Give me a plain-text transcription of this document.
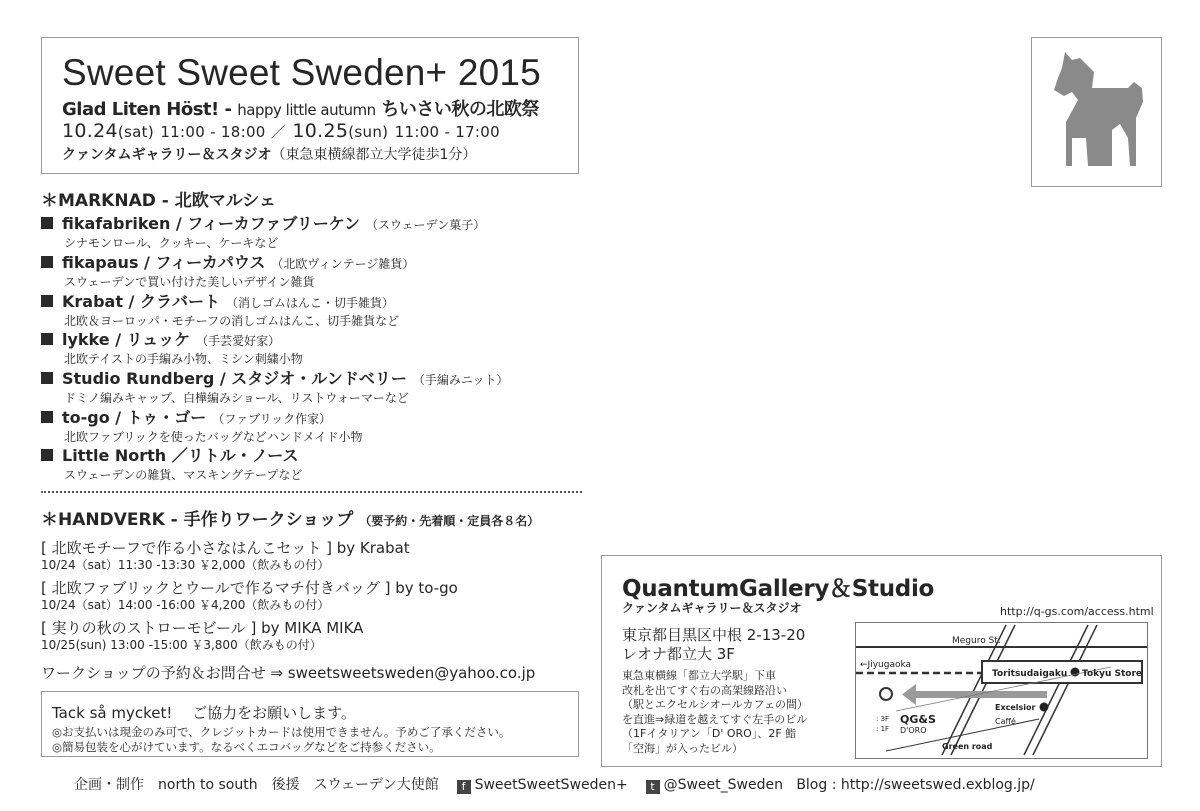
Sweet Sweet Sweden+ 2015
Glad Liten Höst! - happy little autumn ちいさい秋の北欧祭
10.24(sat) 11:00 - 18:00 ／ 10.25(sun) 11:00 - 17:00
クァンタムギャラリー＆スタジオ（東急東横線都立大学徒歩1分）
＊MARKNAD - 北欧マルシェ
fikafabriken / フィーカファブリーケン （スウェーデン菓子）
シナモンロール、クッキー、ケーキなど
fikapaus / フィーカパウス （北欧ヴィンテージ雑貨）
スウェーデンで買い付けた美しいデザイン雑貨
Krabat / クラバート （消しゴムはんこ・切手雑貨）
北欧＆ヨーロッパ・モチーフの消しゴムはんこ、切手雑貨など
lykke / リュッケ （手芸愛好家）
北欧テイストの手編み小物、ミシン刺繍小物
Studio Rundberg / スタジオ・ルンドベリー （手編みニット）
ドミノ編みキャップ、白樺編みショール、リストウォーマーなど
to-go / トゥ・ゴー （ファブリック作家）
北欧ファブリックを使ったバッグなどハンドメイド小物
Little North ／リトル・ノース
スウェーデンの雑貨、マスキングテープなど
＊HANDVERK - 手作りワークショップ （要予約・先着順・定員各８名）
[ 北欧モチーフで作る小さなはんこセット ] by Krabat
10/24（sat）11:30 -13:30 ￥2,000（飲みもの付）
[ 北欧ファブリックとウールで作るマチ付きバッグ ] by to-go
10/24（sat）14:00 -16:00 ￥4,200（飲みもの付）
[ 実りの秋のストローモビール ] by MIKA MIKA
10/25(sun) 13:00 -15:00 ￥3,800（飲みもの付）
ワークショップの予約＆お問合せ ⇒ sweetsweetsweden@yahoo.co.jp
Tack så mycket!　 ご協力をお願いします。
◎お支払いは現金のみ可で、クレジットカードは使用できません。予めご了承ください。
◎簡易包装を心がけています。なるべくエコバッグなどをご持参ください。
QuantumGallery＆Studio
クァンタムギャラリー＆スタジオ	http://q-gs.com/access.html
東京都目黒区中根 2-13-20
レオナ都立大 3F
東急東横線「都立大学駅」下車
改札を出てすぐ右の高架線路沿い
（駅とエクセルシオールカフェの間）
を直進⇒緑道を越えてすぐ左手のビル
（1Fイタリアン「D' ORO」、2F 鮨
「空海」が入ったビル）
Meguro St.
←Jiyugaoka
Toritsudaigaku Tokyu Store
Excelsior
Caffé
: 3F
: 1F
QG&S
D'ORO
Green road
企画・制作　north to south　後援　スウェーデン大使館 f SweetSweetSweden+ t @Sweet_Sweden Blog : http://sweetswed.exblog.jp/
